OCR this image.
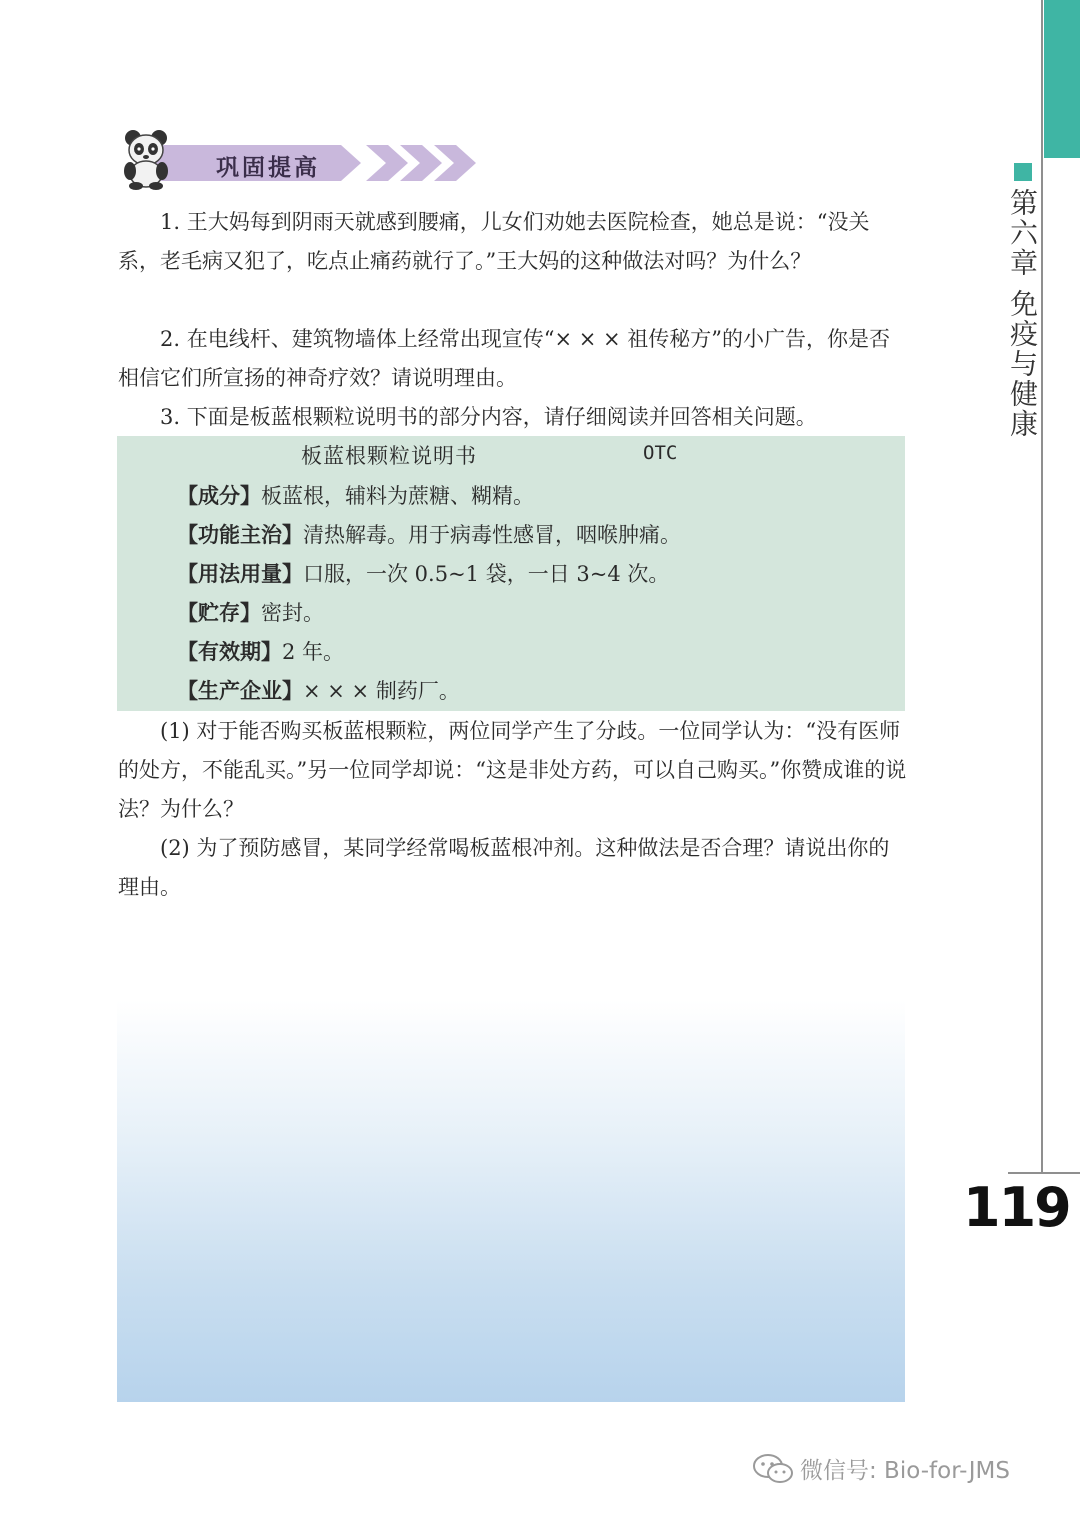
第六章 免疫与健康
119
巩固提高

1. 王大妈每到阴雨天就感到腰痛，儿女们劝她去医院检查，她总是说：“没关系，老毛病又犯了，吃点止痛药就行了。”王大妈的这种做法对吗？为什么？

2. 在电线杆、建筑物墙体上经常出现宣传“× × × 祖传秘方”的小广告，你是否相信它们所宣扬的神奇疗效？请说明理由。

3. 下面是板蓝根颗粒说明书的部分内容，请仔细阅读并回答相关问题。

板蓝根颗粒说明书	OTC
【成分】板蓝根，辅料为蔗糖、糊精。
【功能主治】清热解毒。用于病毒性感冒，咽喉肿痛。
【用法用量】口服，一次 0.5~1 袋，一日 3~4 次。
【贮存】密封。
【有效期】2 年。
【生产企业】× × × 制药厂。

(1) 对于能否购买板蓝根颗粒，两位同学产生了分歧。一位同学认为：“没有医师的处方，不能乱买。”另一位同学却说：“这是非处方药，可以自己购买。”你赞成谁的说法？为什么？

(2) 为了预防感冒，某同学经常喝板蓝根冲剂。这种做法是否合理？请说出你的理由。

微信号: Bio-for-JMS
